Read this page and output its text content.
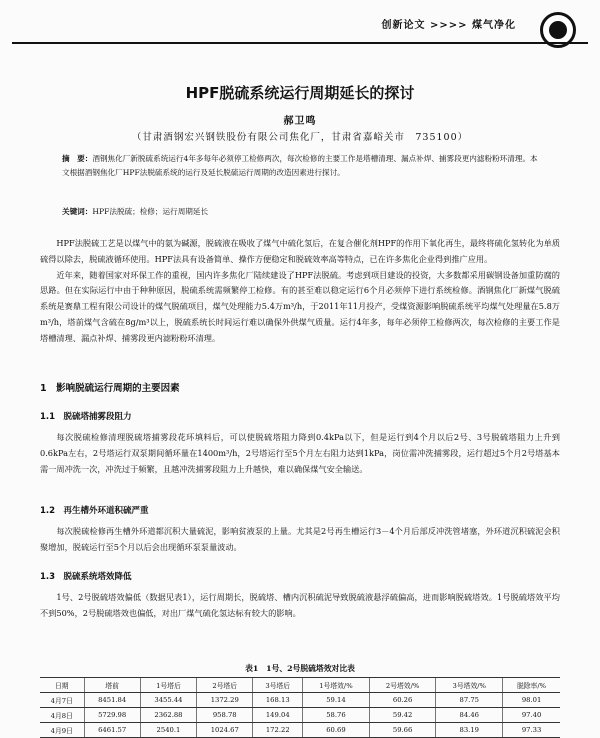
创新论文 >>>> 煤气净化
HPF脱硫系统运行周期延长的探讨
郝卫鸣
（甘肃酒钢宏兴钢铁股份有限公司焦化厂，甘肃省嘉峪关市　735100）
摘　要：酒钢焦化厂新脱硫系统运行4年多每年必须停工检修两次，每次检修的主要工作是塔槽清理、漏点补焊、捕雾段更内滤粉粉环清理。本文根据酒钢焦化厂HPF法脱硫系统的运行及延长脱硫运行周期的改造因素进行探讨。
关键词：HPF法脱硫；检修；运行周期延长

HPF法脱硫工艺是以煤气中的氨为碱源，脱硫液在吸收了煤气中硫化氢后，在复合催化剂HPF的作用下氧化再生，最终将硫化氢转化为单质硫得以除去，脱硫液循环使用。HPF法具有设备简单、操作方便稳定和脱硫效率高等特点，已在许多焦化企业得到推广应用。

近年来，随着国家对环保工作的重视，国内许多焦化厂陆续建设了HPF法脱硫。考虑到项目建设的投资，大多数都采用碳钢设备加重防腐的思路。但在实际运行中由于种种原因，脱硫系统需频繁停工检修。有的甚至难以稳定运行6个月必须停下进行系统检修。酒钢焦化厂新煤气脱硫系统是赛鼎工程有限公司设计的煤气脱硫项目，煤气处理能力5.4万m³/h，于2011年11月投产，受煤资源影响脱硫系统平均煤气处理量在5.8万m³/h，塔前煤气含硫在8g/m³以上，脱硫系统长时间运行难以确保外供煤气质量。运行4年多，每年必须停工检修两次，每次检修的主要工作是塔槽清理、漏点补焊、捕雾段更内滤粉粉环清理。

1　影响脱硫运行周期的主要因素
1.1　脱硫塔捕雾段阻力

每次脱硫检修清理脱硫塔捕雾段花环填料后，可以使脱硫塔阻力降到0.4kPa以下，但是运行到4个月以后2号、3号脱硫塔阻力上升到0.6kPa左右，2号塔运行双泵期间循环量在1400m³/h，2号塔运行至5个月左右阻力达到1kPa，岗位需冲洗捕雾段，运行超过5个月2号塔基本需一周冲洗一次，冲洗过于频繁，且越冲洗捕雾段阻力上升越快，难以确保煤气安全输送。

1.2　再生槽外环道积硫严重

每次脱硫检修再生槽外环道都沉积大量硫泥，影响贫液泵的上量。尤其是2号再生槽运行3－4个月后部反冲洗管堵塞，外环道沉积硫泥会积聚增加，脱硫运行至5个月以后会出现循环泵泵量波动。

1.3　脱硫系统塔效降低

1号、2号脱硫塔效偏低（数据见表1），运行周期长，脱硫塔、槽内沉积硫泥导致脱硫液悬浮硫偏高，进而影响脱硫塔效。1号脱硫塔效平均不到50%，2号脱硫塔效也偏低，对出厂煤气硫化氢达标有较大的影响。

表1　1号、2号脱硫塔效对比表
日期	塔前	1号塔后	2号塔后	3号塔后	1号塔效/%	2号塔效/%	3号塔效/%	脱除率/%
4月7日	8451.84	3455.44	1372.29	168.13	59.14	60.26	87.75	98.01
4月8日	5729.98	2362.88	958.78	149.04	58.76	59.42	84.46	97.40
4月9日	6461.57	2540.1	1024.67	172.22	60.69	59.66	83.19	97.33
